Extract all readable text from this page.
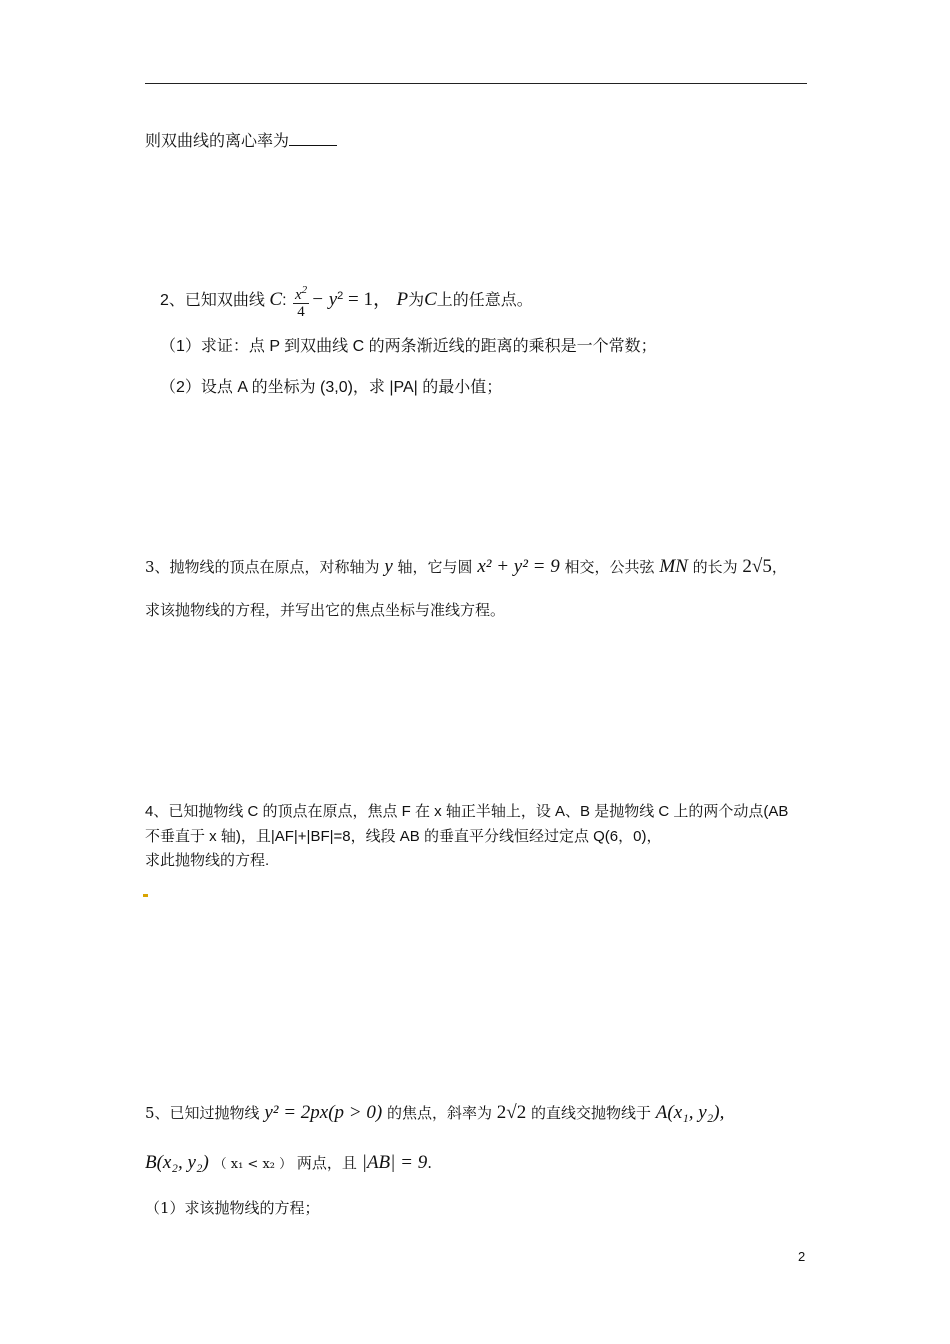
则双曲线的离心率为
2、已知双曲线 C: $\frac{x^2}{4} - y^2 = 1$， P为C上的任意点。
（1）求证：点 P 到双曲线 C 的两条渐近线的距离的乘积是一个常数；
（2）设点 A 的坐标为 (3,0)，求 |PA| 的最小值；
3、抛物线的顶点在原点，对称轴为 y 轴，它与圆 x² + y² = 9 相交，公共弦 MN 的长为 2√5，
求该抛物线的方程，并写出它的焦点坐标与准线方程。
4、已知抛物线 C 的顶点在原点，焦点 F 在 x 轴正半轴上，设 A、B 是抛物线 C 上的两个动点(AB
不垂直于 x 轴)，且|AF|+|BF|=8，线段 AB 的垂直平分线恒经过定点 Q(6，0)，
求此抛物线的方程.
5、已知过抛物线 y² = 2px(p > 0) 的焦点，斜率为 2√2 的直线交抛物线于 A(x₁, y₂),
B(x₂, y₂) （ x₁ < x₂ ） 两点，且 |AB| = 9.
（1）求该抛物线的方程；
2
